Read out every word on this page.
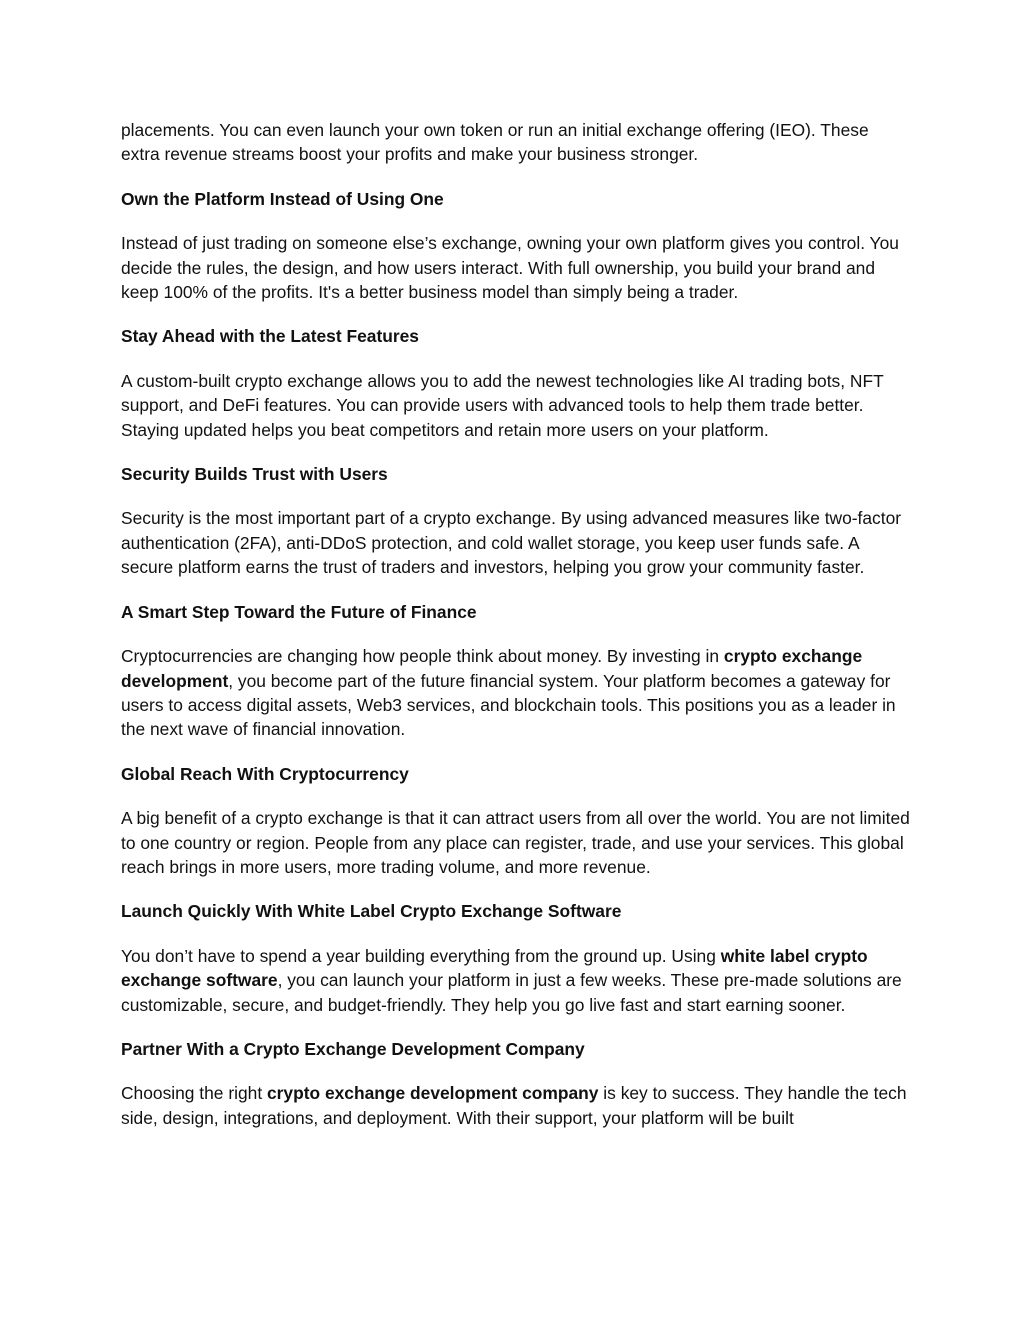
placements. You can even launch your own token or run an initial exchange offering (IEO). These extra revenue streams boost your profits and make your business stronger.

Own the Platform Instead of Using One

Instead of just trading on someone else’s exchange, owning your own platform gives you control. You decide the rules, the design, and how users interact. With full ownership, you build your brand and keep 100% of the profits. It's a better business model than simply being a trader.

Stay Ahead with the Latest Features

A custom-built crypto exchange allows you to add the newest technologies like AI trading bots, NFT support, and DeFi features. You can provide users with advanced tools to help them trade better. Staying updated helps you beat competitors and retain more users on your platform.

Security Builds Trust with Users

Security is the most important part of a crypto exchange. By using advanced measures like two-factor authentication (2FA), anti-DDoS protection, and cold wallet storage, you keep user funds safe. A secure platform earns the trust of traders and investors, helping you grow your community faster.

A Smart Step Toward the Future of Finance

Cryptocurrencies are changing how people think about money. By investing in crypto exchange development, you become part of the future financial system. Your platform becomes a gateway for users to access digital assets, Web3 services, and blockchain tools. This positions you as a leader in the next wave of financial innovation.

Global Reach With Cryptocurrency

A big benefit of a crypto exchange is that it can attract users from all over the world. You are not limited to one country or region. People from any place can register, trade, and use your services. This global reach brings in more users, more trading volume, and more revenue.

Launch Quickly With White Label Crypto Exchange Software

You don’t have to spend a year building everything from the ground up. Using white label crypto exchange software, you can launch your platform in just a few weeks. These pre-made solutions are customizable, secure, and budget-friendly. They help you go live fast and start earning sooner.

Partner With a Crypto Exchange Development Company

Choosing the right crypto exchange development company is key to success. They handle the tech side, design, integrations, and deployment. With their support, your platform will be built
